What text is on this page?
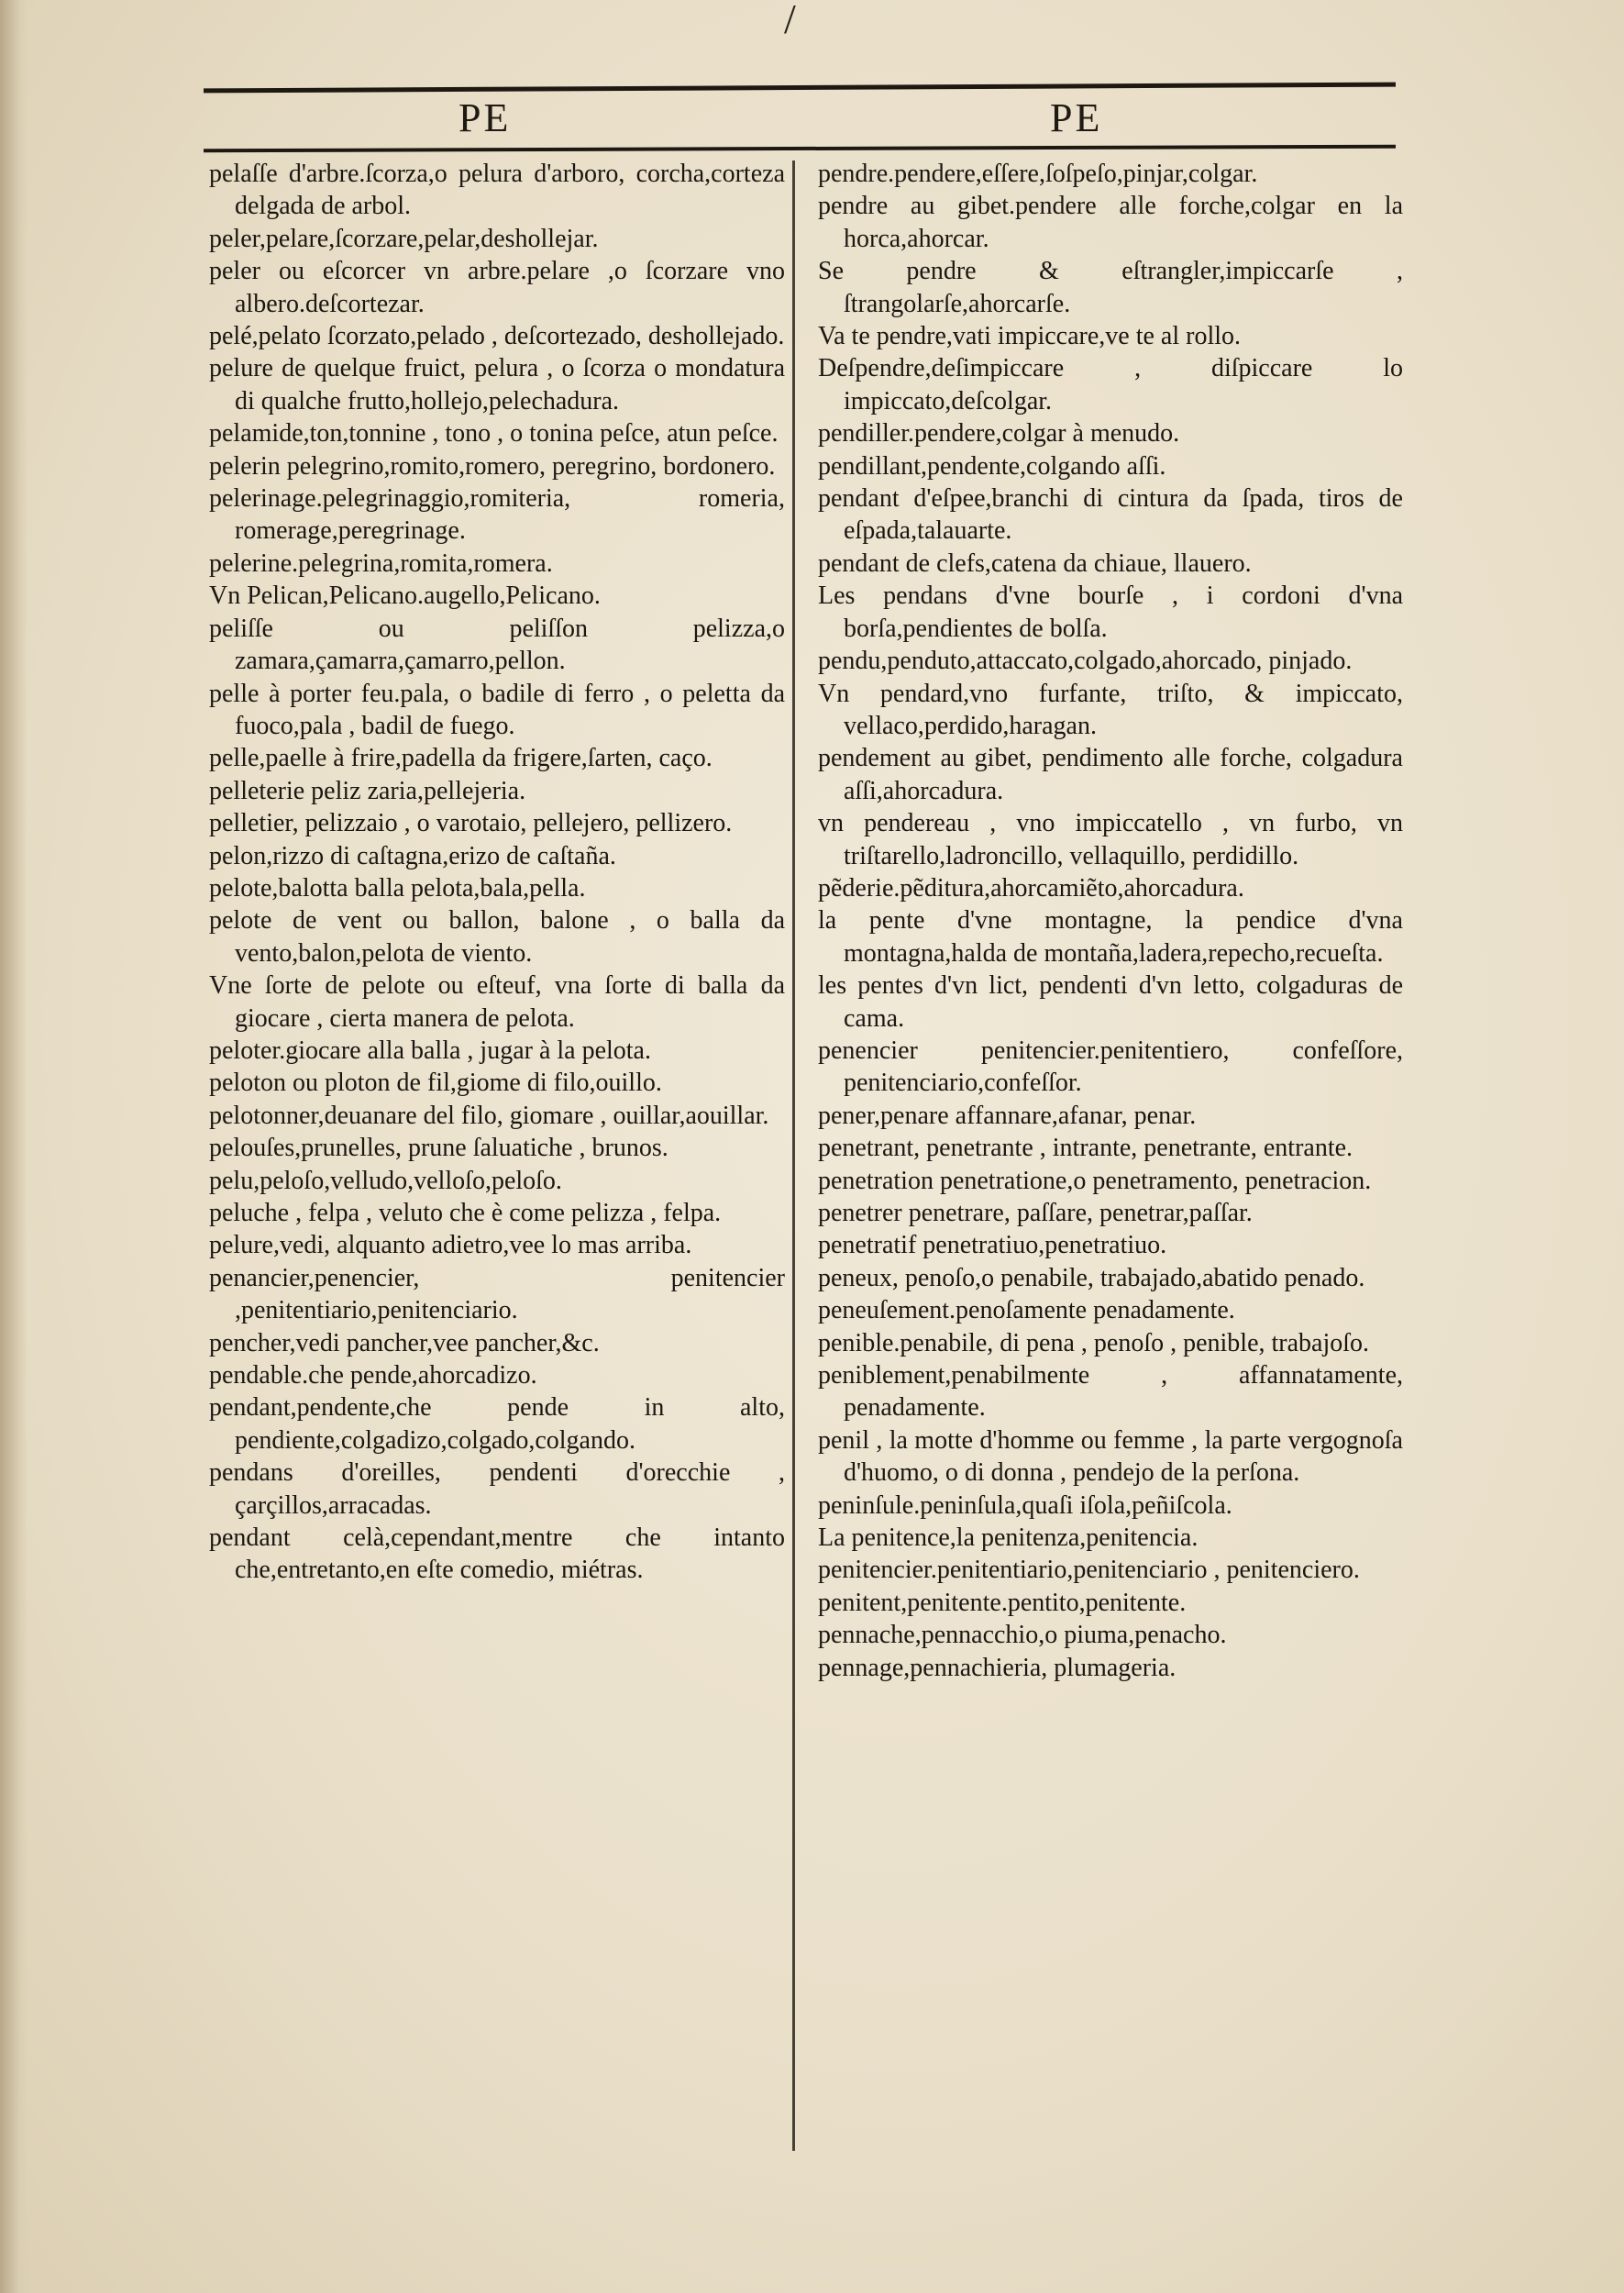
/
PE	PE
pelaſſe d'arbre.ſcorza,o pelura d'arboro, corcha,corteza delgada de arbol.
peler,pelare,ſcorzare,pelar,deshollejar.
peler ou eſcorcer vn arbre.pelare ,o ſcorzare vno albero.deſcortezar.
pelé,pelato ſcorzato,pelado , deſcortezado, deshollejado.
pelure de quelque fruict, pelura , o ſcorza o mondatura di qualche frutto,hollejo,pelechadura.
pelamide,ton,tonnine , tono , o tonina peſce, atun peſce.
pelerin pelegrino,romito,romero, peregrino, bordonero.
pelerinage.pelegrinaggio,romiteria, romeria, romerage,peregrinage.
pelerine.pelegrina,romita,romera.
Vn Pelican,Pelicano.augello,Pelicano.
peliſſe ou peliſſon pelizza,o zamara,çamarra,çamarro,pellon.
pelle à porter feu.pala, o badile di ferro , o peletta da fuoco,pala , badil de fuego.
pelle,paelle à frire,padella da frigere,ſarten, caço.
pelleterie peliz zaria,pellejeria.
pelletier, pelizzaio , o varotaio, pellejero, pellizero.
pelon,rizzo di caſtagna,erizo de caſtaña.
pelote,balotta balla pelota,bala,pella.
pelote de vent ou ballon, balone , o balla da vento,balon,pelota de viento.
Vne ſorte de pelote ou eſteuf, vna ſorte di balla da giocare , cierta manera de pelota.
peloter.giocare alla balla , jugar à la pelota.
peloton ou ploton de fil,giome di filo,ouillo.
pelotonner,deuanare del filo, giomare , ouillar,aouillar.
pelouſes,prunelles, prune ſaluatiche , brunos.
pelu,peloſo,velludo,velloſo,peloſo.
peluche , felpa , veluto che è come pelizza , felpa.
pelure,vedi, alquanto adietro,vee lo mas arriba.
penancier,penencier, penitencier ,penitentiario,penitenciario.
pencher,vedi pancher,vee pancher,&c.
pendable.che pende,ahorcadizo.
pendant,pendente,che pende in alto, pendiente,colgadizo,colgado,colgando.
pendans d'oreilles, pendenti d'orecchie , çarçillos,arracadas.
pendant celà,cependant,mentre che intanto che,entretanto,en eſte comedio, miétras.
pendre.pendere,eſſere,ſoſpeſo,pinjar,colgar.
pendre au gibet.pendere alle forche,colgar en la horca,ahorcar.
Se pendre & eſtrangler,impiccarſe , ſtrangolarſe,ahorcarſe.
Va te pendre,vati impiccare,ve te al rollo.
Deſpendre,deſimpiccare , diſpiccare lo impiccato,deſcolgar.
pendiller.pendere,colgar à menudo.
pendillant,pendente,colgando aſſi.
pendant d'eſpee,branchi di cintura da ſpada, tiros de eſpada,talauarte.
pendant de clefs,catena da chiaue, llauero.
Les pendans d'vne bourſe , i cordoni d'vna borſa,pendientes de bolſa.
pendu,penduto,attaccato,colgado,ahorcado, pinjado.
Vn pendard,vno furfante, triſto, & impiccato, vellaco,perdido,haragan.
pendement au gibet, pendimento alle forche, colgadura aſſi,ahorcadura.
vn pendereau , vno impiccatello , vn furbo, vn triſtarello,ladroncillo, vellaquillo, perdidillo.
pẽderie.pẽditura,ahorcamiẽto,ahorcadura.
la pente d'vne montagne, la pendice d'vna montagna,halda de montaña,ladera,repecho,recueſta.
les pentes d'vn lict, pendenti d'vn letto, colgaduras de cama.
penencier penitencier.penitentiero, confeſſore, penitenciario,confeſſor.
pener,penare affannare,afanar, penar.
penetrant, penetrante , intrante, penetrante, entrante.
penetration penetratione,o penetramento, penetracion.
penetrer penetrare, paſſare, penetrar,paſſar.
penetratif penetratiuo,penetratiuo.
peneux, penoſo,o penabile, trabajado,abatido penado.
peneuſement.penoſamente penadamente.
penible.penabile, di pena , penoſo , penible, trabajoſo.
peniblement,penabilmente , affannatamente, penadamente.
penil , la motte d'homme ou femme , la parte vergognoſa d'huomo, o di donna , pendejo de la perſona.
peninſule.peninſula,quaſi iſola,peñiſcola.
La penitence,la penitenza,penitencia.
penitencier.penitentiario,penitenciario , penitenciero.
penitent,penitente.pentito,penitente.
pennache,pennacchio,o piuma,penacho.
pennage,pennachieria, plumageria.
